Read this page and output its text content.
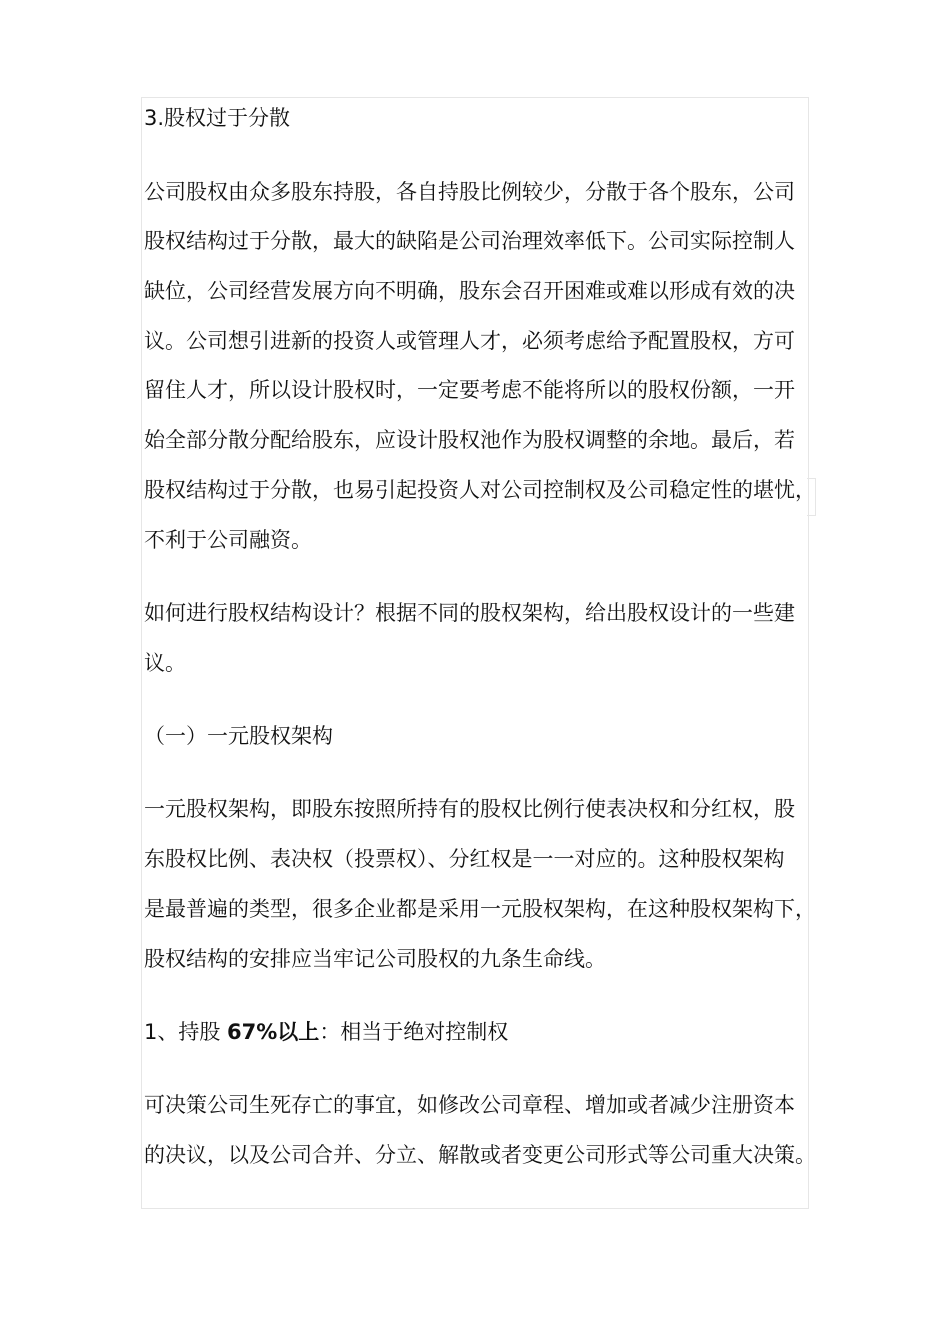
3.股权过于分散
公司股权由众多股东持股，各自持股比例较少，分散于各个股东，公司
股权结构过于分散，最大的缺陷是公司治理效率低下。公司实际控制人
缺位，公司经营发展方向不明确，股东会召开困难或难以形成有效的决
议。公司想引进新的投资人或管理人才，必须考虑给予配置股权，方可
留住人才，所以设计股权时，一定要考虑不能将所以的股权份额，一开
始全部分散分配给股东，应设计股权池作为股权调整的余地。最后，若
股权结构过于分散，也易引起投资人对公司控制权及公司稳定性的堪忧，
不利于公司融资。
如何进行股权结构设计？根据不同的股权架构，给出股权设计的一些建
议。
（一）一元股权架构
一元股权架构，即股东按照所持有的股权比例行使表决权和分红权，股
东股权比例、表决权（投票权）、分红权是一一对应的。这种股权架构
是最普遍的类型，很多企业都是采用一元股权架构，在这种股权架构下，
股权结构的安排应当牢记公司股权的九条生命线。
1、持股 67%以上：相当于绝对控制权
可决策公司生死存亡的事宜，如修改公司章程、增加或者减少注册资本
的决议，以及公司合并、分立、解散或者变更公司形式等公司重大决策。
